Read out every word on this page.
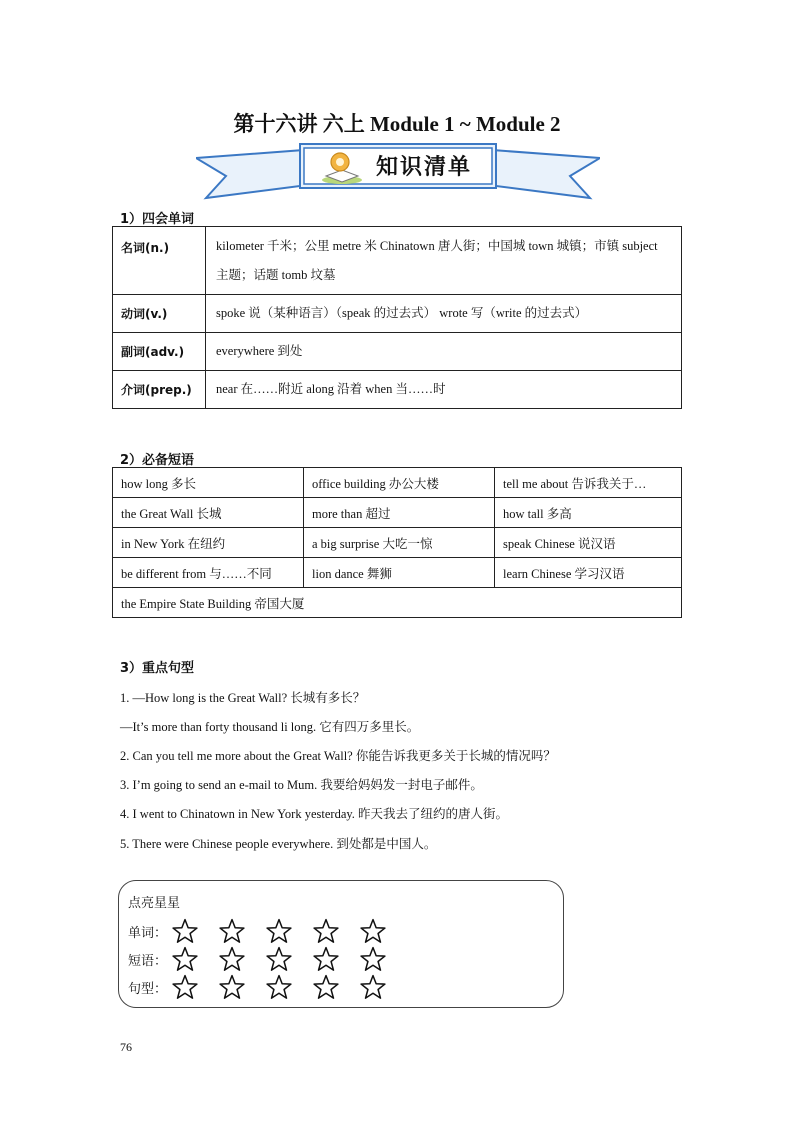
第十六讲 六上 Module 1 ~ Module 2
知识清单
1）四会单词
名词(n.)	kilometer 千米；公里 metre 米 Chinatown 唐人街；中国城 town 城镇；市镇 subject 主题；话题 tomb 坟墓
动词(v.)	spoke 说（某种语言）（speak 的过去式） wrote 写（write 的过去式）
副词(adv.)	everywhere 到处
介词(prep.)	near 在……附近 along 沿着 when 当……时
2）必备短语
how long 多长	office building 办公大楼	tell me about 告诉我关于…
the Great Wall 长城	more than 超过	how tall 多高
in New York 在纽约	a big surprise 大吃一惊	speak Chinese 说汉语
be different from 与……不同	lion dance 舞狮	learn Chinese 学习汉语
the Empire State Building 帝国大厦		
3）重点句型
1. —How long is the Great Wall? 长城有多长？
—It’s more than forty thousand li long. 它有四万多里长。
2. Can you tell me more about the Great Wall? 你能告诉我更多关于长城的情况吗？
3. I’m going to send an e-mail to Mum. 我要给妈妈发一封电子邮件。
4. I went to Chinatown in New York yesterday. 昨天我去了纽约的唐人街。
5. There were Chinese people everywhere. 到处都是中国人。
点亮星星
单词：
短语：
句型：
76
